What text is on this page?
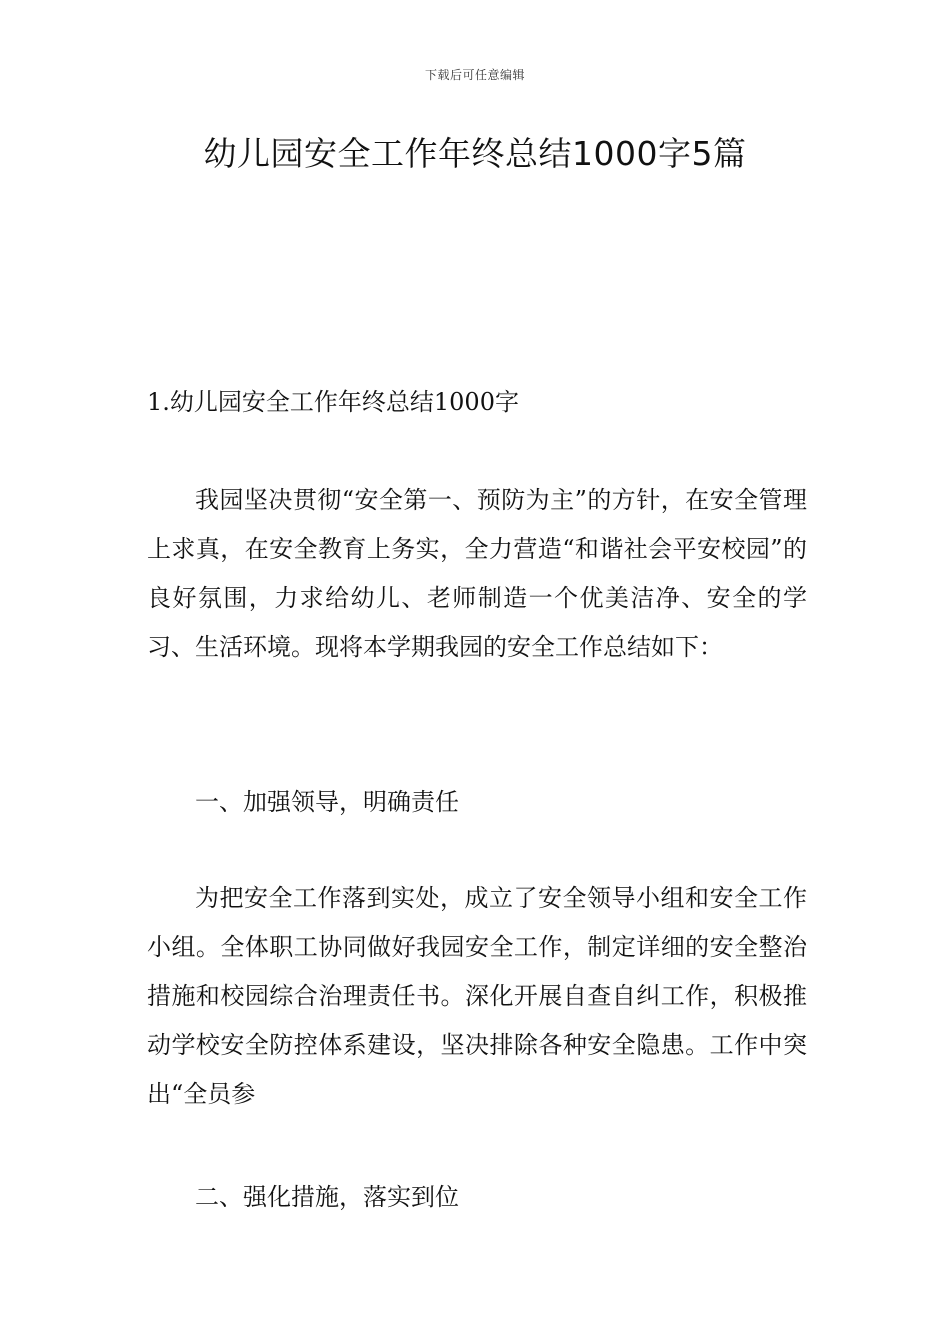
下载后可任意编辑
幼儿园安全工作年终总结1000字5篇
1.幼儿园安全工作年终总结1000字

我园坚决贯彻“安全第一、预防为主”的方针，在安全管理上求真，在安全教育上务实，全力营造“和谐社会平安校园”的良好氛围，力求给幼儿、老师制造一个优美洁净、安全的学习、生活环境。现将本学期我园的安全工作总结如下：

一、加强领导，明确责任

为把安全工作落到实处，成立了安全领导小组和安全工作小组。全体职工协同做好我园安全工作，制定详细的安全整治措施和校园综合治理责任书。深化开展自查自纠工作，积极推动学校安全防控体系建设，坚决排除各种安全隐患。工作中突出“全员参

二、强化措施，落实到位
